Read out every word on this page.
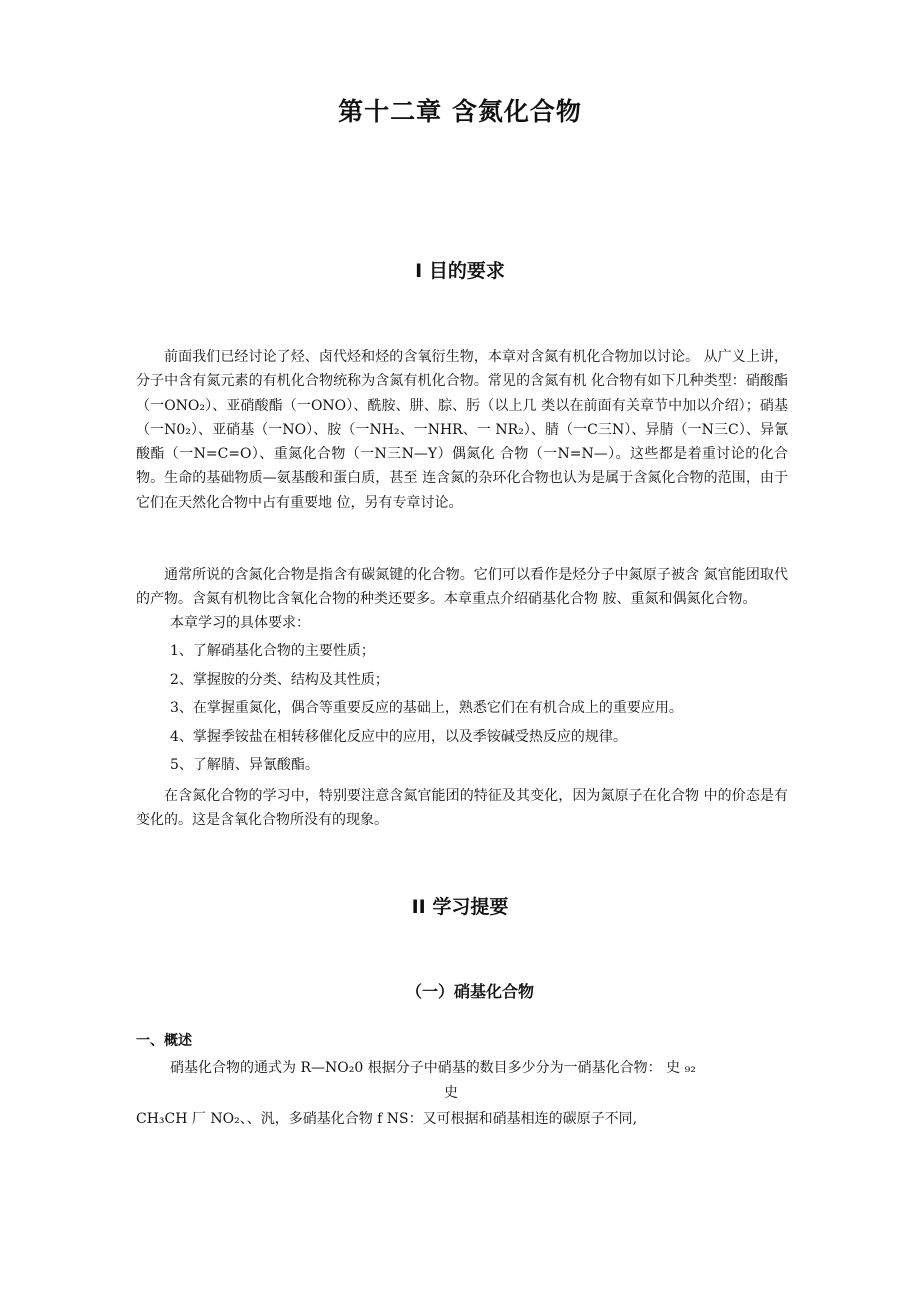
第十二章 含氮化合物
I 目的要求
前面我们已经讨论了烃、卤代烃和烃的含氧衍生物，本章对含氮有机化合物加以讨论。 从广义上讲，分子中含有氮元素的有机化合物统称为含氮有机化合物。常见的含氮有机 化合物有如下几种类型：硝酸酯（一ONO₂）、亚硝酸酯（一ONO）、酰胺、肼、腙、肟（以上几 类以在前面有关章节中加以介绍）；硝基（一N0₂）、亚硝基（一NO）、胺（一NH₂、一NHR、一 NR₂）、腈（一C三N）、异腈（一N三C）、异氰酸酯（一N=C=O）、重氮化合物（一N三N—Y）偶氮化 合物（一N=N—）。这些都是着重讨论的化合物。生命的基础物质—氨基酸和蛋白质，甚至 连含氮的杂环化合物也认为是属于含氮化合物的范围，由于它们在天然化合物中占有重要地 位，另有专章讨论。
通常所说的含氮化合物是指含有碳氮键的化合物。它们可以看作是烃分子中氮原子被含 氮官能团取代的产物。含氮有机物比含氧化合物的种类还要多。本章重点介绍硝基化合物 胺、重氮和偶氮化合物。
本章学习的具体要求：
1、了解硝基化合物的主要性质；
2、掌握胺的分类、结构及其性质；
3、在掌握重氮化，偶合等重要反应的基础上，熟悉它们在有机合成上的重要应用。
4、掌握季铵盐在相转移催化反应中的应用，以及季铵碱受热反应的规律。
5、了解腈、异氰酸酯。
在含氮化合物的学习中，特别要注意含氮官能团的特征及其变化，因为氮原子在化合物 中的价态是有变化的。这是含氧化合物所没有的现象。
II 学习提要
（一）硝基化合物
一、概述
硝基化合物的通式为 R—NO₂0 根据分子中硝基的数目多少分为一硝基化合物： 史 ₉₂
史
CH₃CH 厂 NO₂、、汎，多硝基化合物 f NS：又可根据和硝基相连的碳原子不同,
